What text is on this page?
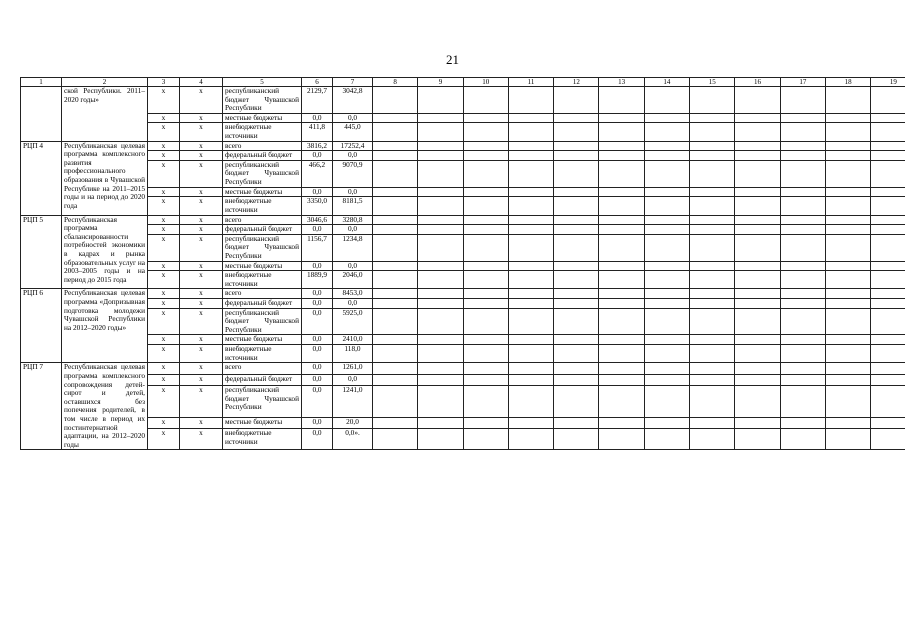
21
1	2	3	4	5	6	7	8	9	10	11	12	13	14	15	16	17	18	19
	ской Республики. 2011–2020 годы»	х	х	республиканский бюджет Чувашской Республики	2129,7	3042,8												
		х	х	местные бюджеты	0,0	0,0												
		х	х	внебюджетные источники	411,8	445,0												
РЦП 4	Республиканская целевая программа комплексного развития профессионального образования в Чувашской Республике на 2011–2015 годы и на период до 2020 года	х	х	всего	3816,2	17252,4												
		х	х	федеральный бюджет	0,0	0,0												
		х	х	республиканский бюджет Чувашской Республики	466,2	9070,9												
		х	х	местные бюджеты	0,0	0,0												
		х	х	внебюджетные источники	3350,0	8181,5												
РЦП 5	Республиканская программа сбалансированности потребностей экономики в кадрах и рынка образовательных услуг на 2003–2005 годы и на период до 2015 года	х	х	всего	3046,6	3280,8												
		х	х	федеральный бюджет	0,0	0,0												
		х	х	республиканский бюджет Чувашской Республики	1156,7	1234,8												
		х	х	местные бюджеты	0,0	0,0												
		х	х	внебюджетные источники	1889,9	2046,0												
РЦП 6	Республиканская целевая программа «Допризывная подготовка молодежи Чувашской Республики на 2012–2020 годы»	х	х	всего	0,0	8453,0												
		х	х	федеральный бюджет	0,0	0,0												
		х	х	республиканский бюджет Чувашской Республики	0,0	5925,0												
		х	х	местные бюджеты	0,0	2410,0												
		х	х	внебюджетные источники	0,0	118,0												
РЦП 7	Республиканская целевая программа комплексного сопровождения детей-сирот и детей, оставшихся без попечения родителей, в том числе в период их постинтернатной адаптации, на 2012–2020 годы	х	х	всего	0,0	1261,0												
		х	х	федеральный бюджет	0,0	0,0												
		х	х	республиканский бюджет Чувашской Республики	0,0	1241,0												
		х	х	местные бюджеты	0,0	20,0												
		х	х	внебюджетные источники	0,0	0,0».												
